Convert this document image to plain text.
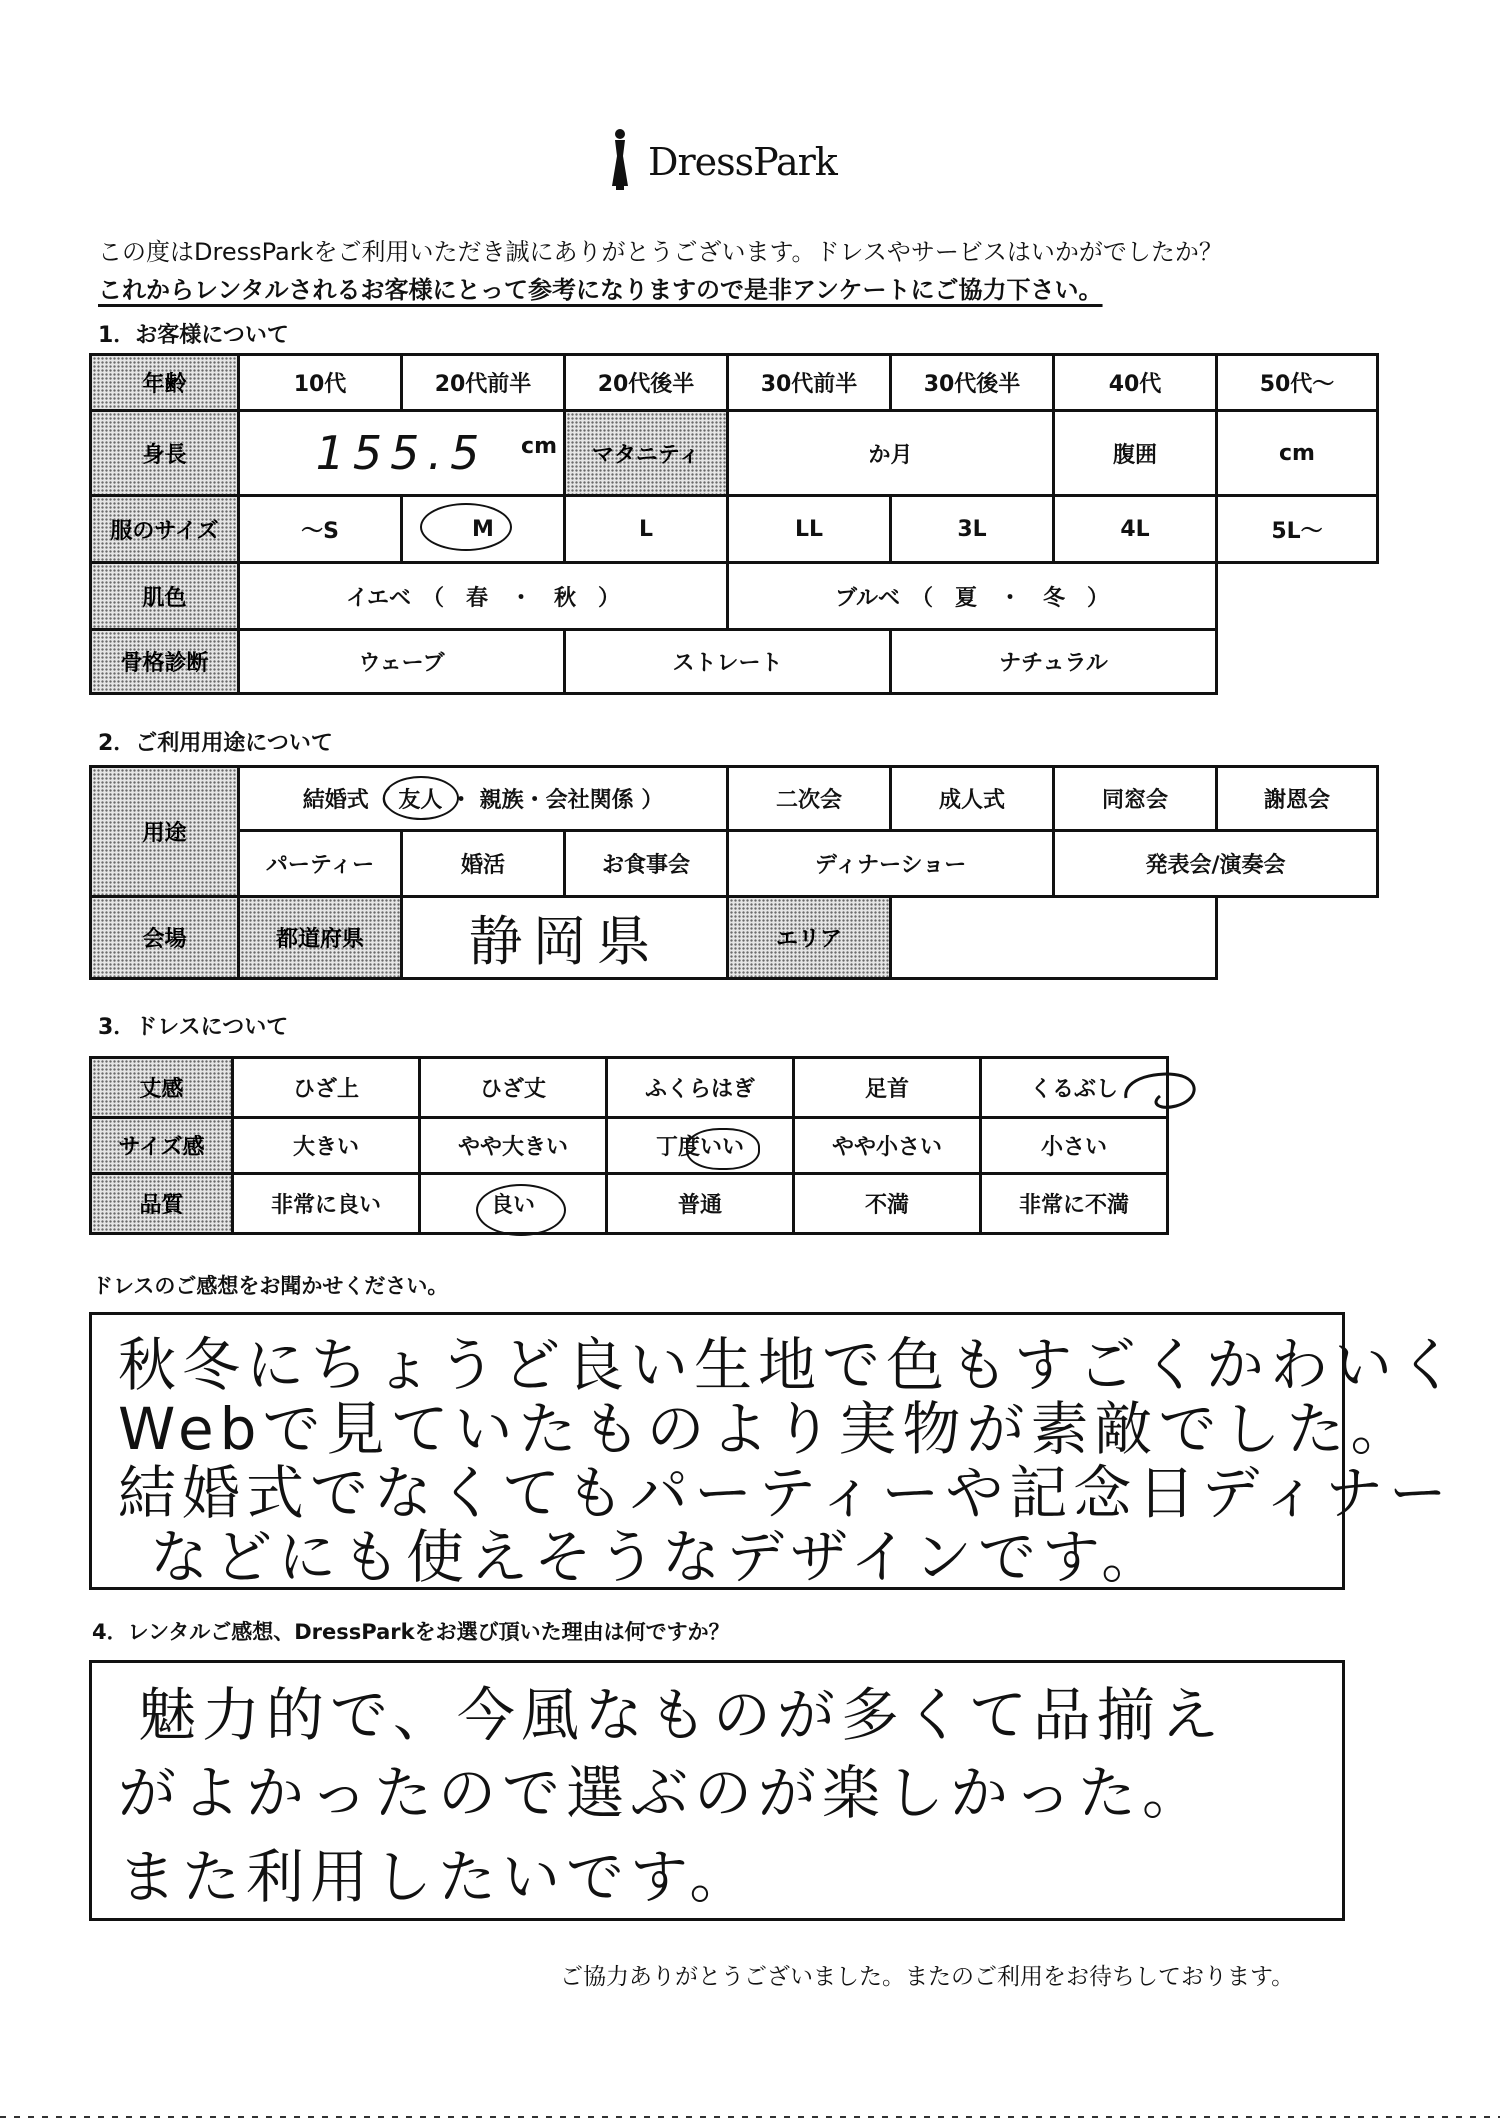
DressPark
この度はDressParkをご利用いただき誠にありがとうございます。ドレスやサービスはいかがでしたか？
これからレンタルされるお客様にとって参考になりますので是非アンケートにご協力下さい。
1．お客様について
年齢	10代	20代前半	20代後半	30代前半	30代後半	40代	50代〜
身長	155.5 cm		マタニティ	か月		腹囲	cm
服のサイズ	〜S	M	L	LL	3L	4L	5L〜
肌色	イエベ　（　春　・　秋　）			ブルベ　（　夏　・　冬　）			
骨格診断	ウェーブ		ストレート		ナチュラル		
2．ご利用用途について
用途	結婚式（ 友人 ・ 親族・会社関係 ）			二次会	成人式	同窓会	謝恩会
	パーティー	婚活	お食事会	ディナーショー		発表会/演奏会	
会場	都道府県	静岡県		エリア			
3．ドレスについて
丈感	ひざ上	ひざ丈	ふくらはぎ	足首	くるぶし
サイズ感	大きい	やや大きい	丁度いい	やや小さい	小さい
品質	非常に良い	良い	普通	不満	非常に不満
ドレスのご感想をお聞かせください。
秋冬にちょうど良い生地で色もすごくかわいく
Webで見ていたものより実物が素敵でした。
結婚式でなくてもパーティーや記念日ディナー
などにも使えそうなデザインです。
4．レンタルご感想、DressParkをお選び頂いた理由は何ですか？
魅力的で、今風なものが多くて品揃え
がよかったので選ぶのが楽しかった。
また利用したいです。
ご協力ありがとうございました。またのご利用をお待ちしております。
